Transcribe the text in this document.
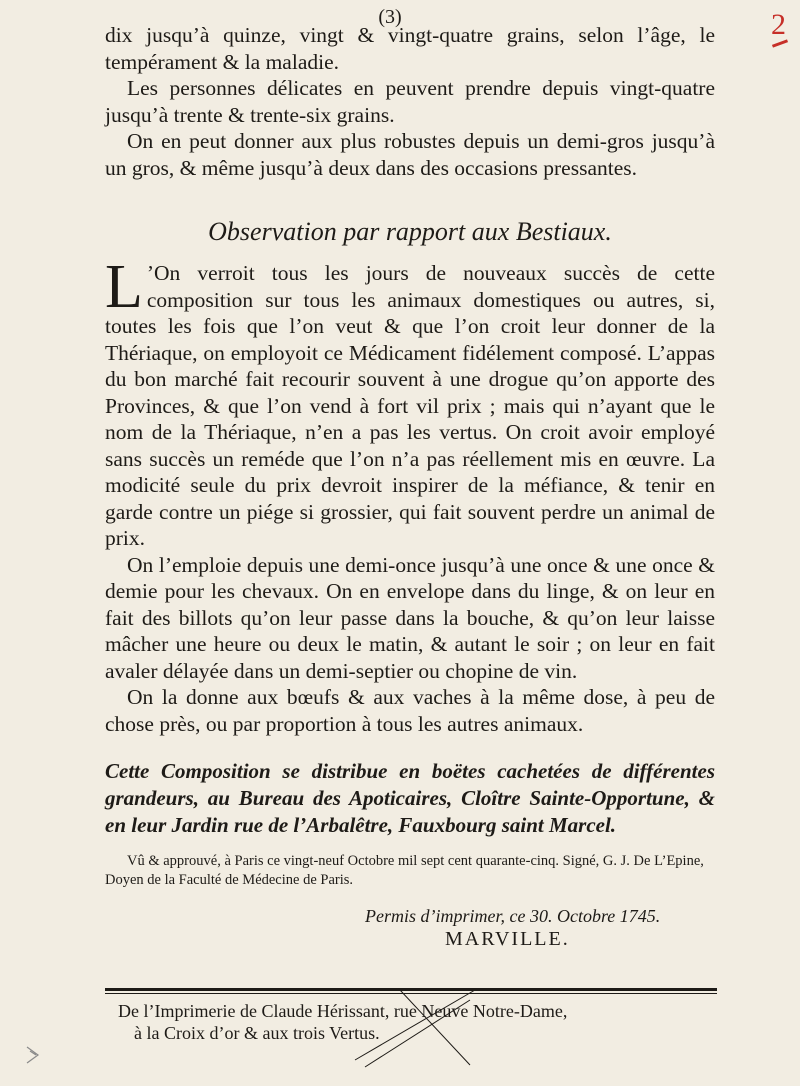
(3)	2

dix jusqu’à quinze, vingt & vingt-quatre grains, selon l’âge, le tempérament & la maladie.

Les personnes délicates en peuvent prendre depuis vingt-quatre jusqu’à trente & trente-six grains.

On en peut donner aux plus robustes depuis un demi-gros jusqu’à un gros, & même jusqu’à deux dans des occasions pressantes.

Observation par rapport aux Bestiaux.

L ’On verroit tous les jours de nouveaux succès de cette composition sur tous les animaux domestiques ou autres, si, toutes les fois que l’on veut & que l’on croit leur donner de la Thériaque, on employoit ce Médicament fidélement composé. L’appas du bon marché fait recourir souvent à une drogue qu’on apporte des Provinces, & que l’on vend à fort vil prix ; mais qui n’ayant que le nom de la Thériaque, n’en a pas les vertus. On croit avoir employé sans succès un reméde que l’on n’a pas réellement mis en œuvre. La modicité seule du prix devroit inspirer de la méfiance, & tenir en garde contre un piége si grossier, qui fait souvent perdre un animal de prix.

On l’emploie depuis une demi-once jusqu’à une once & une once & demie pour les chevaux. On en envelope dans du linge, & on leur en fait des billots qu’on leur passe dans la bouche, & qu’on leur laisse mâcher une heure ou deux le matin, & autant le soir ; on leur en fait avaler délayée dans un demi-septier ou chopine de vin.

On la donne aux bœufs & aux vaches à la même dose, à peu de chose près, ou par proportion à tous les autres animaux.

Cette Composition se distribue en boëtes cachetées de différentes grandeurs, au Bureau des Apoticaires, Cloître Sainte-Opportune, & en leur Jardin rue de l’Arbalêtre, Fauxbourg saint Marcel.

Vû & approuvé, à Paris ce vingt-neuf Octobre mil sept cent quarante-cinq. Signé, G. J. De L’Epine, Doyen de la Faculté de Médecine de Paris.

Permis d’imprimer, ce 30. Octobre 1745.
MARVILLE.
De l’Imprimerie de Claude Hérissant, rue Neuve Notre-Dame,
à la Croix d’or & aux trois Vertus.
